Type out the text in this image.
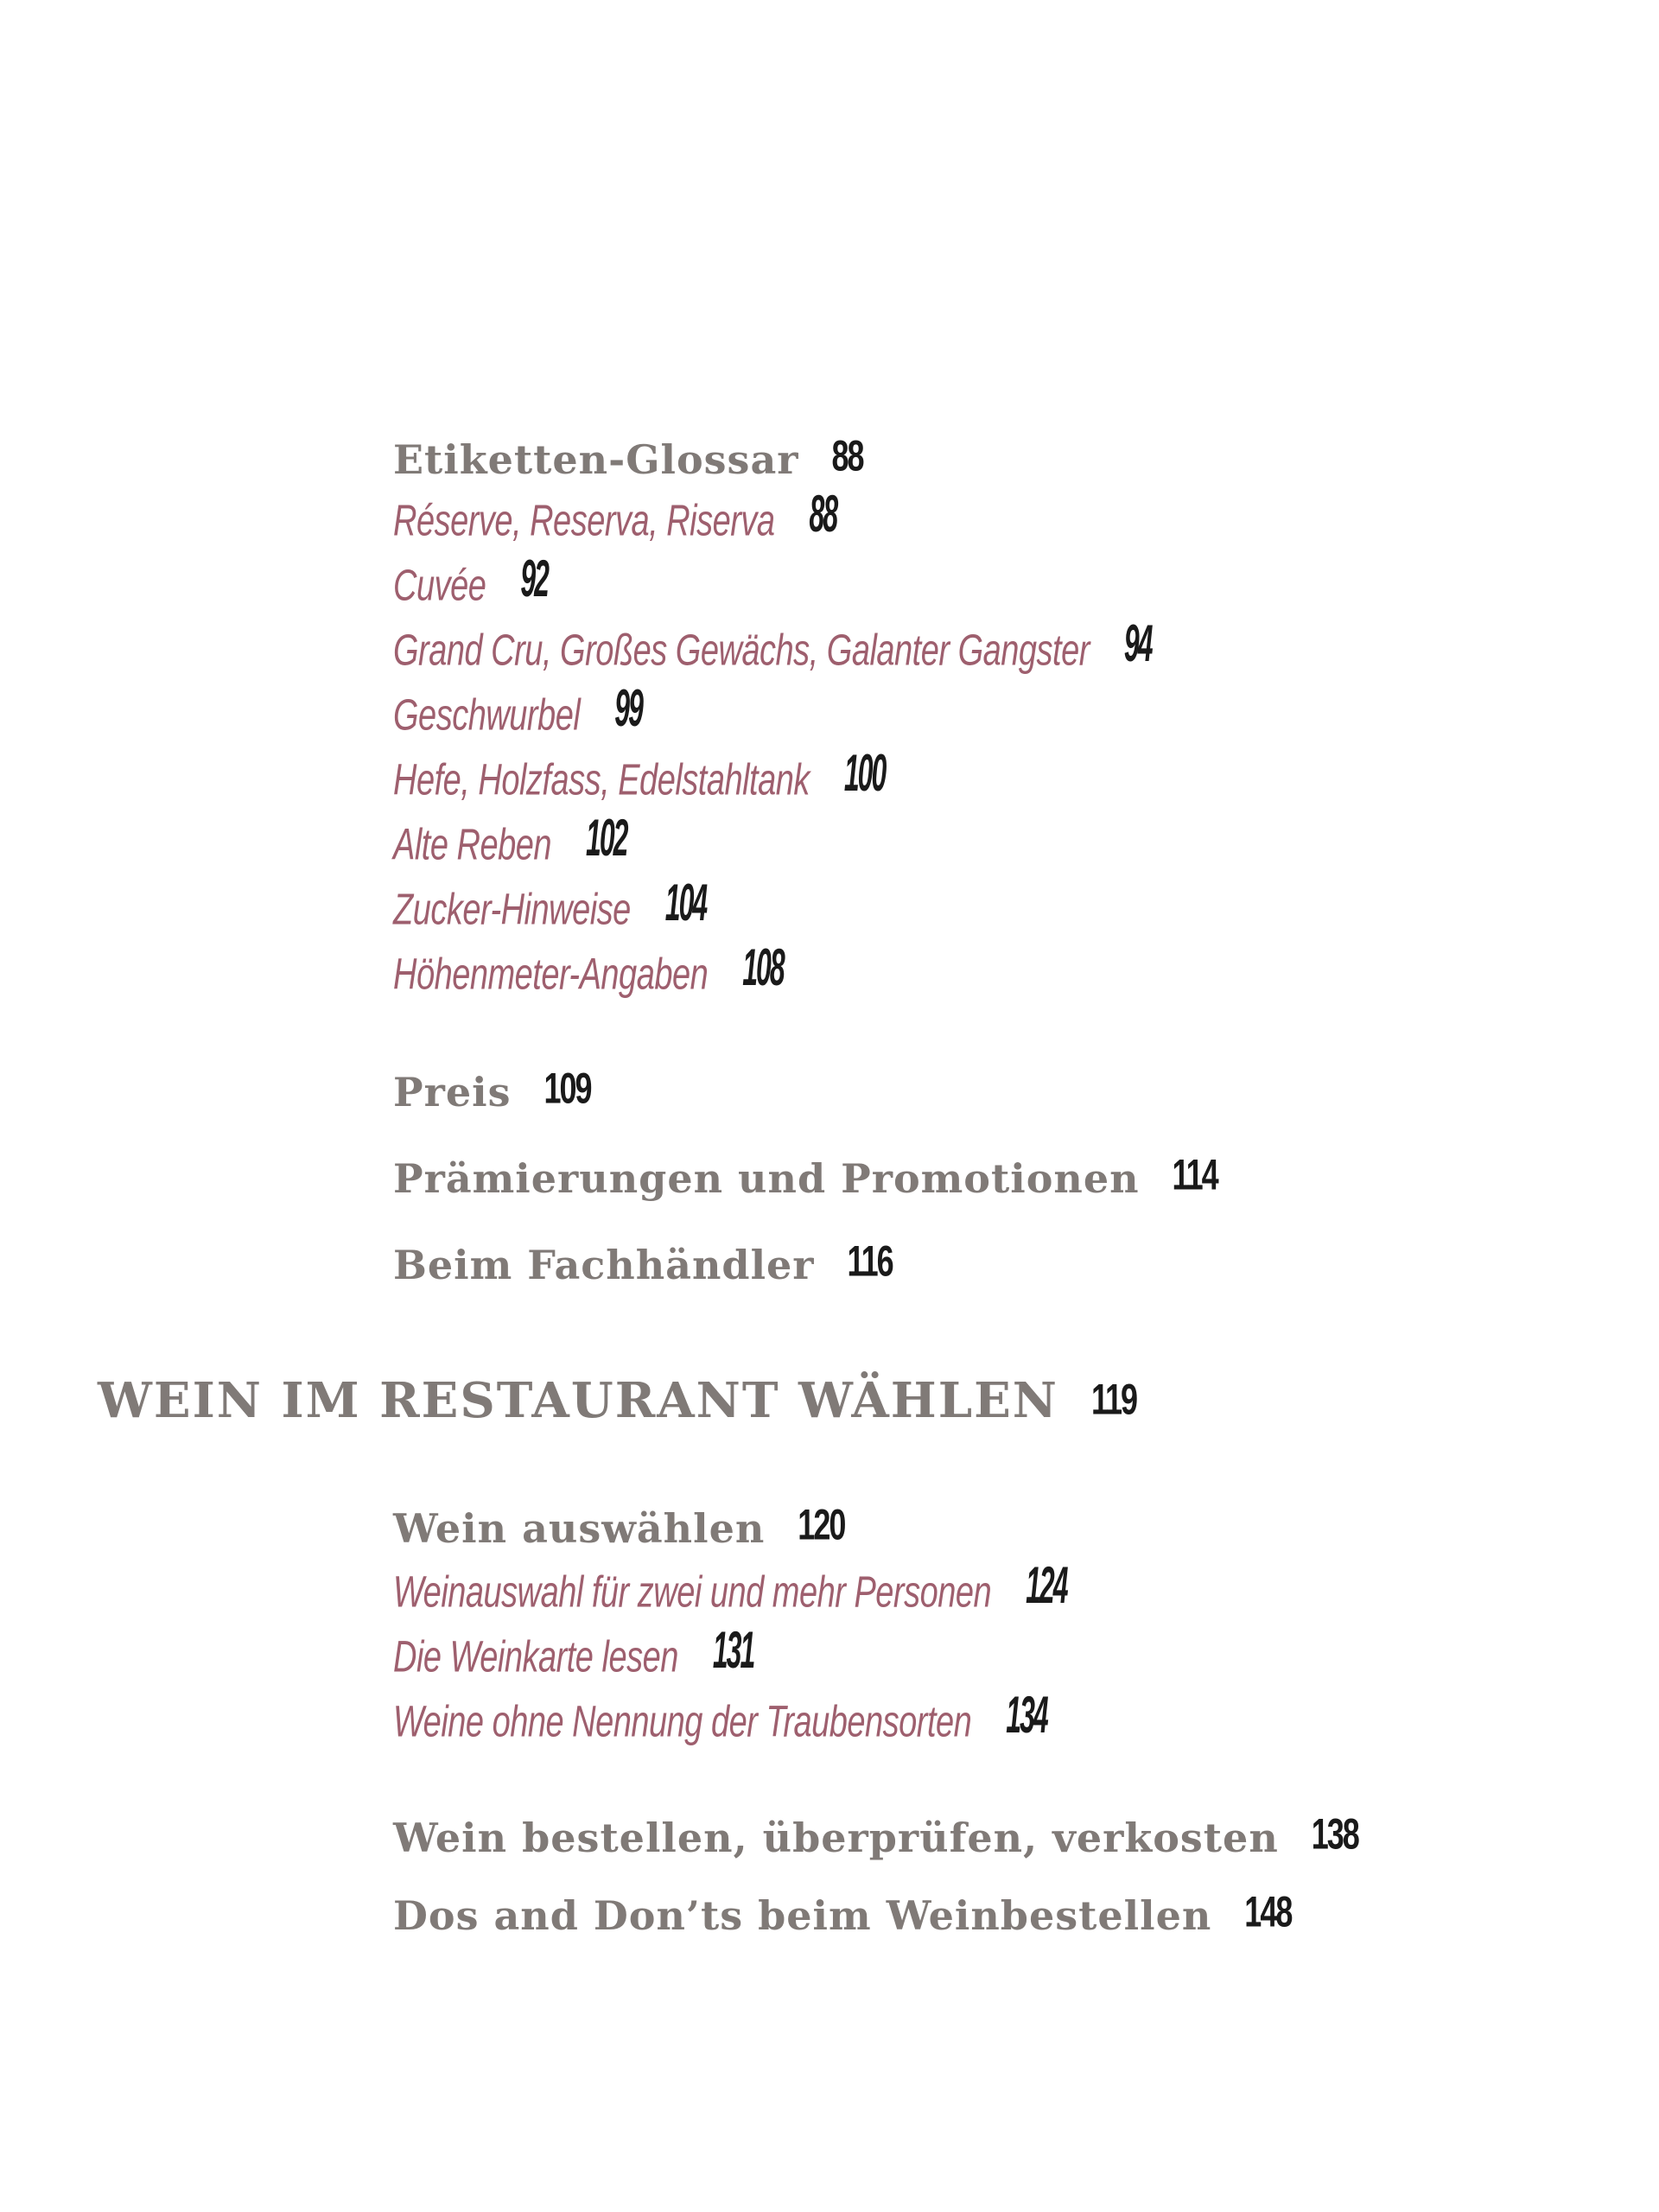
Etiketten-Glossar 88
Réserve, Reserva, Riserva 88
Cuvée 92
Grand Cru, Großes Gewächs, Galanter Gangster 94
Geschwurbel 99
Hefe, Holzfass, Edelstahltank 100
Alte Reben 102
Zucker-Hinweise 104
Höhenmeter-Angaben 108
Preis 109
Prämierungen und Promotionen 114
Beim Fachhändler 116
WEIN IM RESTAURANT WÄHLEN 119
Wein auswählen 120
Weinauswahl für zwei und mehr Personen 124
Die Weinkarte lesen 131
Weine ohne Nennung der Traubensorten 134
Wein bestellen, überprüfen, verkosten 138
Dos and Don’ts beim Weinbestellen 148
